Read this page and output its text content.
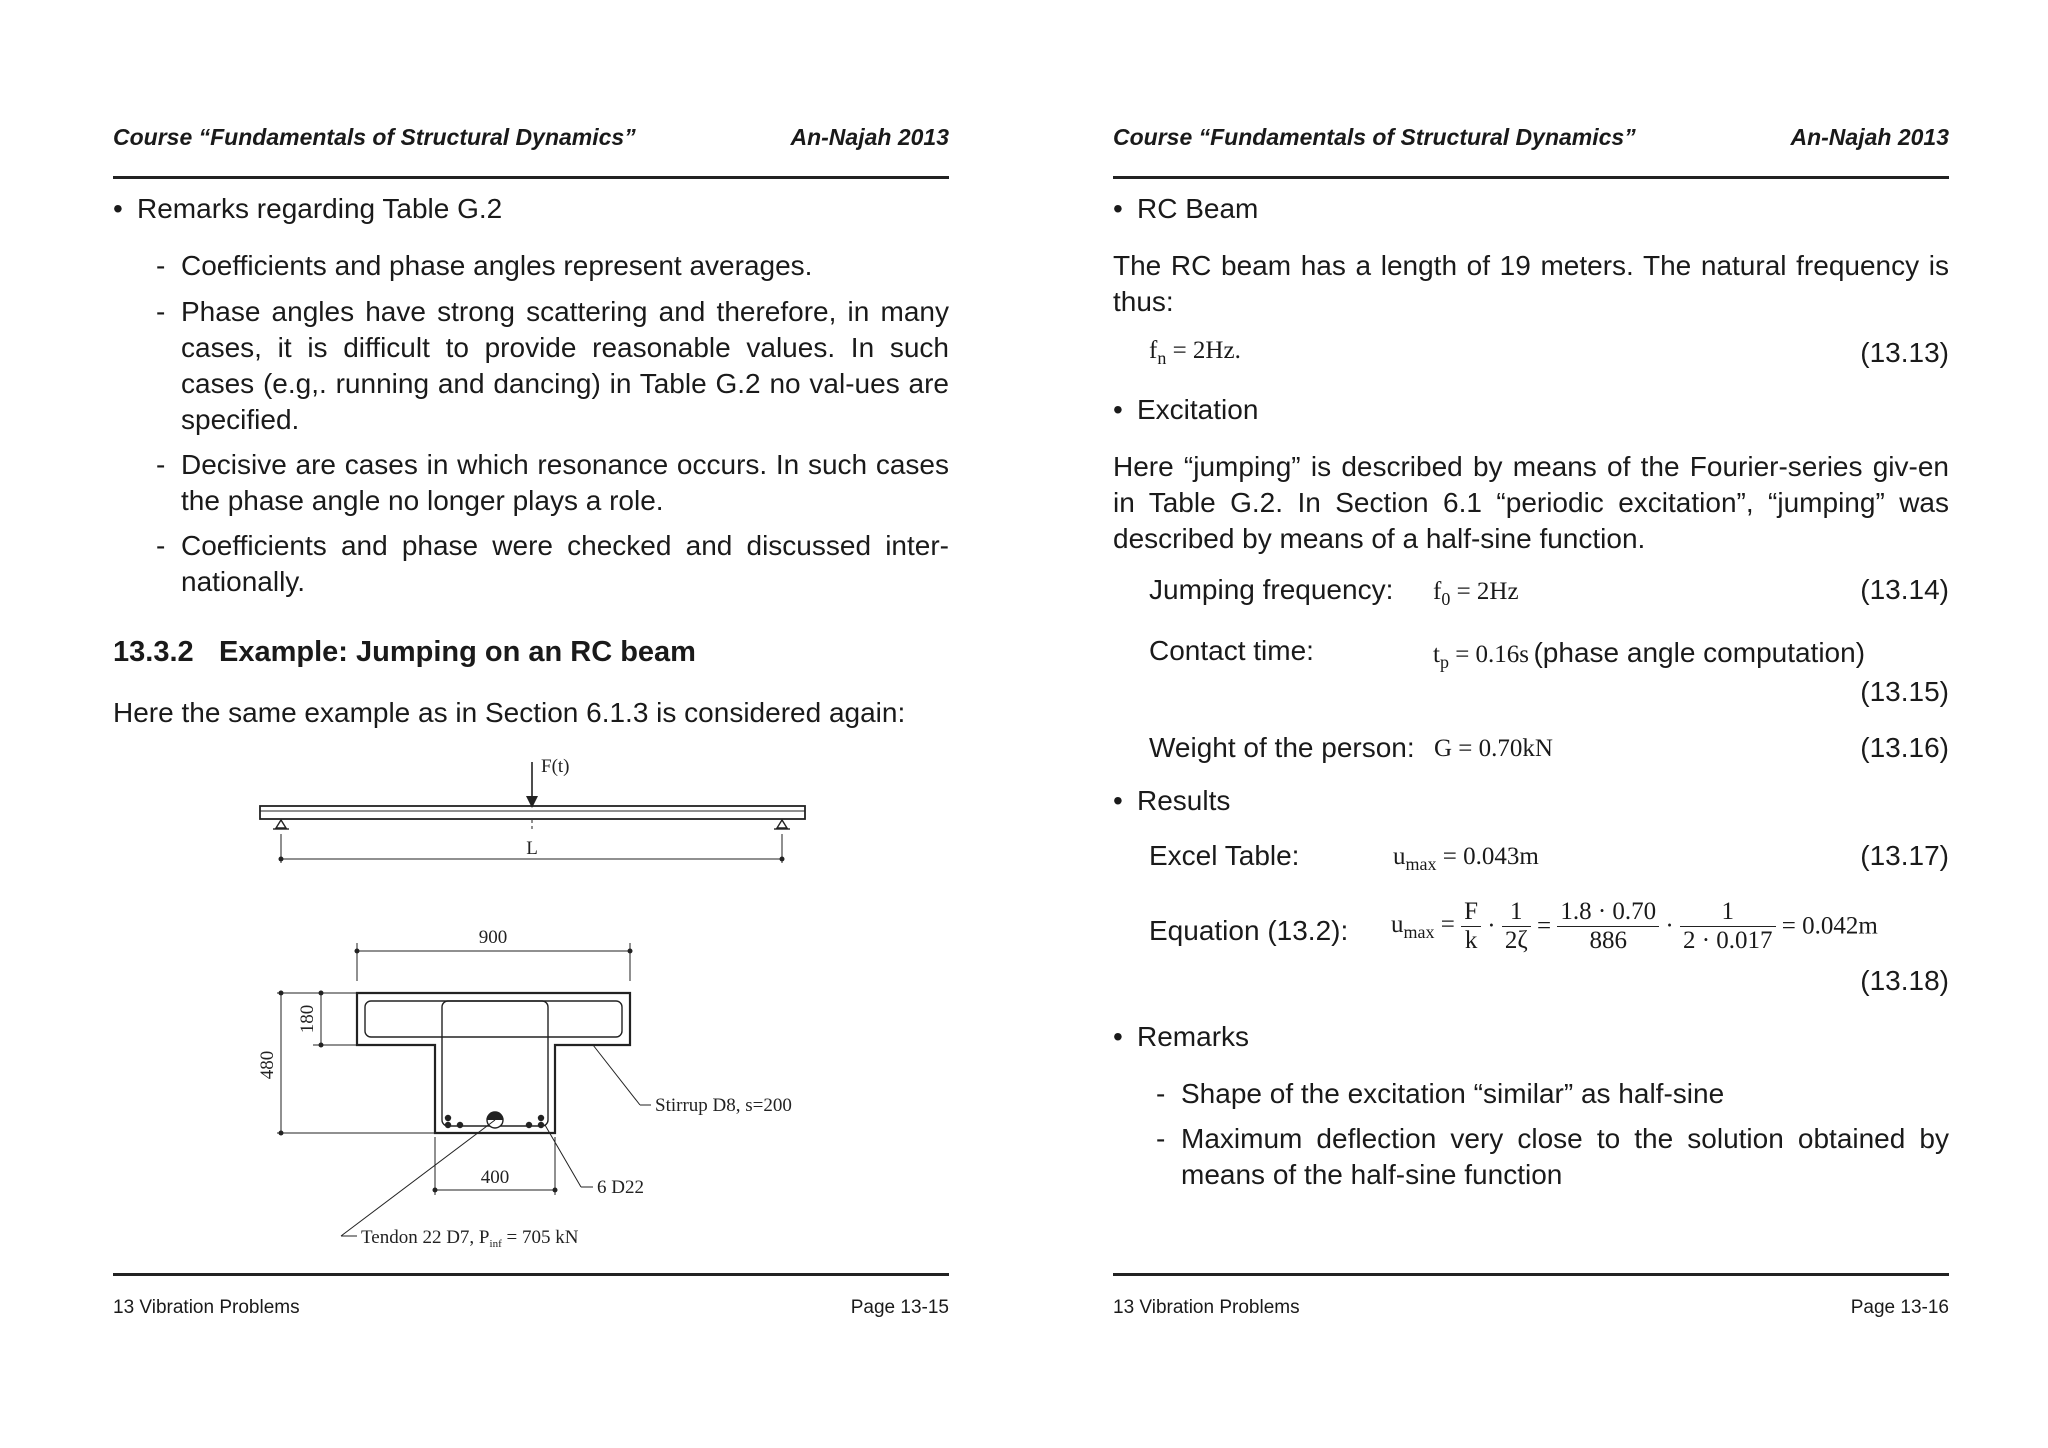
Course “Fundamentals of Structural Dynamics”	An-Najah 2013
• Remarks regarding Table G.2
- Coefficients and phase angles represent averages.
- Phase angles have strong scattering and therefore, in many cases, it is difficult to provide reasonable values. In such cases (e.g,. running and dancing) in Table G.2 no val-ues are specified.
- Decisive are cases in which resonance occurs. In such cases the phase angle no longer plays a role.
- Coefficients and phase were checked and discussed inter-nationally.
13.3.2 Example: Jumping on an RC beam
Here the same example as in Section 6.1.3 is considered again:
F(t)
L
900
480
180
400
Stirrup D8, s=200
6 D22
Tendon 22 D7, $P_{inf} = 705$ kN
13 Vibration Problems	Page 13-15
Course “Fundamentals of Structural Dynamics”	An-Najah 2013
• RC Beam
The RC beam has a length of 19 meters. The natural frequency is thus:
$f_n = 2Hz$.	(13.13)
• Excitation
Here “jumping” is described by means of the Fourier-series giv-en in Table G.2. In Section 6.1 “periodic excitation”, “jumping” was described by means of a half-sine function.
Jumping frequency: $f_0 = 2Hz$	(13.14)
Contact time:	$t_p = 0.16s$ (phase angle computation)
(13.15)
Weight of the person: G = 0.70kN	(13.16)
• Results
Excel Table:	$u_{max} = 0.043m$	(13.17)
Equation (13.2): $u_{max} = \frac{F}{k} \cdot \frac{1}{2\zeta} = \frac{1.8 \cdot 0.70}{886} \cdot \frac{1}{2 \cdot 0.017} = 0.042m$
(13.18)
• Remarks
- Shape of the excitation “similar” as half-sine
- Maximum deflection very close to the solution obtained by means of the half-sine function
13 Vibration Problems	Page 13-16
